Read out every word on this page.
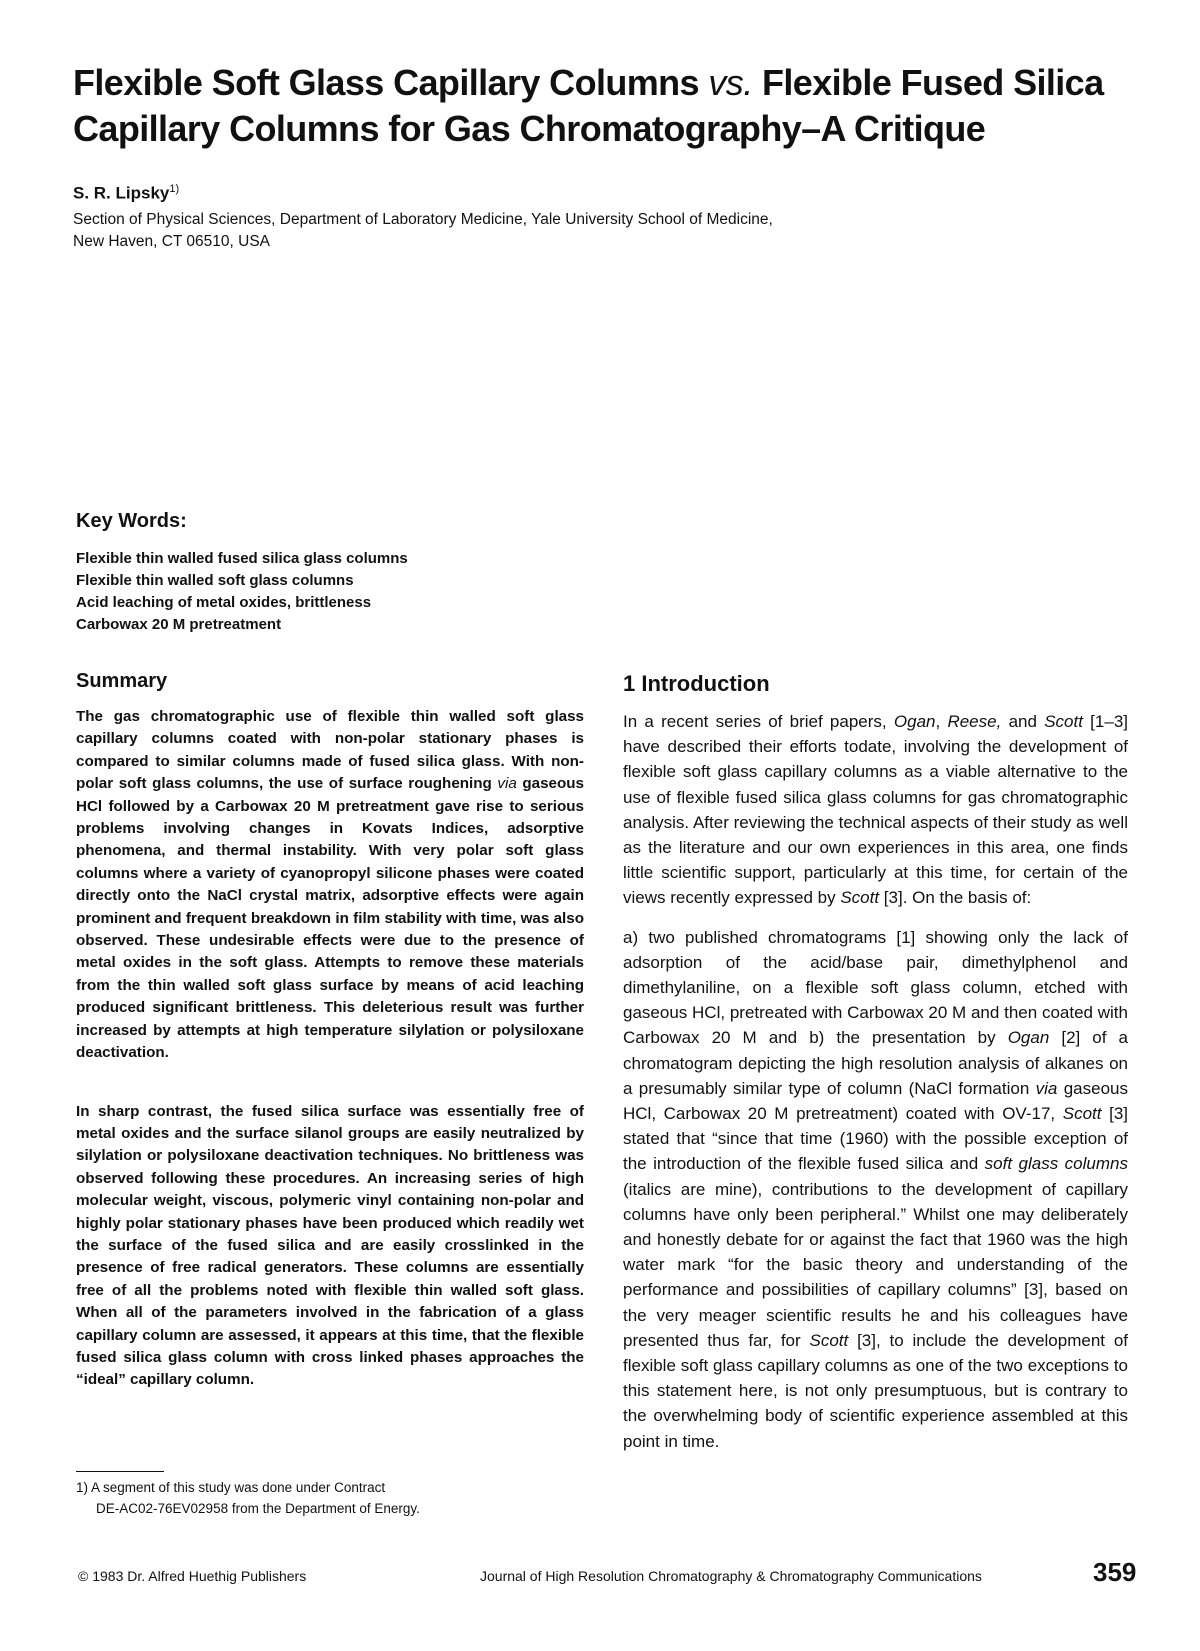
Flexible Soft Glass Capillary Columns vs. Flexible Fused Silica Capillary Columns for Gas Chromatography–A Critique
S. R. Lipsky$^{1)}$
Section of Physical Sciences, Department of Laboratory Medicine, Yale University School of Medicine,
New Haven, CT 06510, USA
Key Words:
Flexible thin walled fused silica glass columns
Flexible thin walled soft glass columns
Acid leaching of metal oxides, brittleness
Carbowax 20 M pretreatment
Summary

The gas chromatographic use of flexible thin walled soft glass capillary columns coated with non-polar stationary phases is compared to similar columns made of fused silica glass. With non-polar soft glass columns, the use of surface roughening via gaseous HCl followed by a Carbowax 20 M pretreatment gave rise to serious problems involving changes in Kovats Indices, adsorptive phenomena, and thermal instability. With very polar soft glass columns where a variety of cyanopropyl silicone phases were coated directly onto the NaCl crystal matrix, adsorptive effects were again prominent and frequent breakdown in film stability with time, was also observed. These undesirable effects were due to the presence of metal oxides in the soft glass. Attempts to remove these materials from the thin walled soft glass surface by means of acid leaching produced significant brittleness. This deleterious result was further increased by attempts at high temperature silylation or polysiloxane deactivation.

In sharp contrast, the fused silica surface was essentially free of metal oxides and the surface silanol groups are easily neutralized by silylation or polysiloxane deactivation techniques. No brittleness was observed following these procedures. An increasing series of high molecular weight, viscous, polymeric vinyl containing non-polar and highly polar stationary phases have been produced which readily wet the surface of the fused silica and are easily crosslinked in the presence of free radical generators. These columns are essentially free of all the problems noted with flexible thin walled soft glass. When all of the parameters involved in the fabrication of a glass capillary column are assessed, it appears at this time, that the flexible fused silica glass column with cross linked phases approaches the “ideal” capillary column.

1) A segment of this study was done under Contract
DE-AC02-76EV02958 from the Department of Energy.
1 Introduction

In a recent series of brief papers, Ogan, Reese, and Scott [1–3] have described their efforts todate, involving the development of flexible soft glass capillary columns as a viable alternative to the use of flexible fused silica glass columns for gas chromatographic analysis. After reviewing the technical aspects of their study as well as the literature and our own experiences in this area, one finds little scientific support, particularly at this time, for certain of the views recently expressed by Scott [3]. On the basis of:

a) two published chromatograms [1] showing only the lack of adsorption of the acid/base pair, dimethylphenol and dimethylaniline, on a flexible soft glass column, etched with gaseous HCl, pretreated with Carbowax 20 M and then coated with Carbowax 20 M and b) the presentation by Ogan [2] of a chromatogram depicting the high resolution analysis of alkanes on a presumably similar type of column (NaCl formation via gaseous HCl, Carbowax 20 M pretreatment) coated with OV-17, Scott [3] stated that “since that time (1960) with the possible exception of the introduction of the flexible fused silica and soft glass columns (italics are mine), contributions to the development of capillary columns have only been peripheral.” Whilst one may deliberately and honestly debate for or against the fact that 1960 was the high water mark “for the basic theory and understanding of the performance and possibilities of capillary columns” [3], based on the very meager scientific results he and his colleagues have presented thus far, for Scott [3], to include the development of flexible soft glass capillary columns as one of the two exceptions to this statement here, is not only presumptuous, but is contrary to the overwhelming body of scientific experience assembled at this point in time.

© 1983 Dr. Alfred Huethig Publishers	Journal of High Resolution Chromatography & Chromatography Communications	359
